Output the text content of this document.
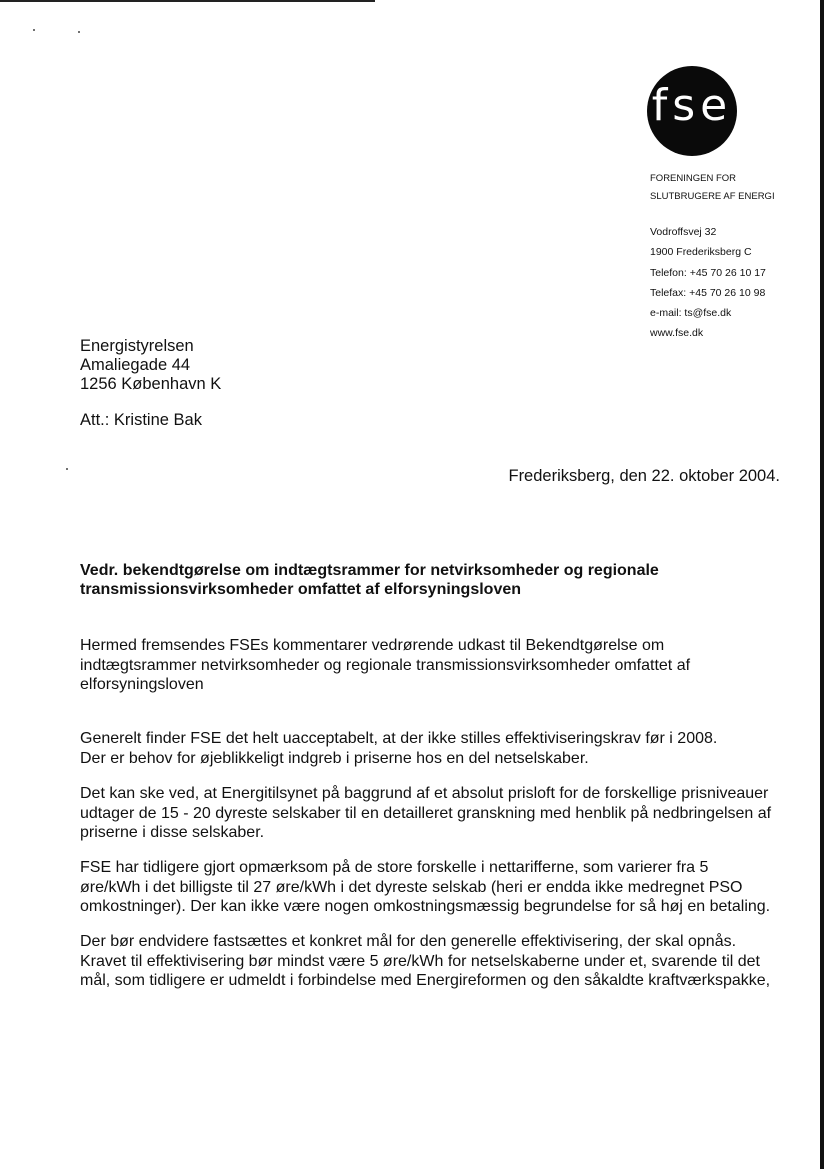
fse
FORENINGEN FOR
SLUTBRUGERE AF ENERGI
Vodroffsvej 32
1900 Frederiksberg C
Telefon: +45 70 26 10 17
Telefax: +45 70 26 10 98
e-mail: ts@fse.dk
www.fse.dk
Energistyrelsen
Amaliegade 44
1256 København K
Att.: Kristine Bak
Frederiksberg, den 22. oktober 2004.
Vedr. bekendtgørelse om indtægtsrammer for netvirksomheder og regionale
transmissionsvirksomheder omfattet af elforsyningsloven
Hermed fremsendes FSEs kommentarer vedrørende udkast til Bekendtgørelse om
indtægtsrammer netvirksomheder og regionale transmissionsvirksomheder omfattet af
elforsyningsloven
Generelt finder FSE det helt uacceptabelt, at der ikke stilles effektiviseringskrav før i 2008.
Der er behov for øjeblikkeligt indgreb i priserne hos en del netselskaber.
Det kan ske ved, at Energitilsynet på baggrund af et absolut prisloft for de forskellige prisniveauer
udtager de 15 - 20 dyreste selskaber til en detailleret granskning med henblik på nedbringelsen af
priserne i disse selskaber.
FSE har tidligere gjort opmærksom på de store forskelle i nettarifferne, som varierer fra 5
øre/kWh i det billigste til 27 øre/kWh i det dyreste selskab (heri er endda ikke medregnet PSO
omkostninger). Der kan ikke være nogen omkostningsmæssig begrundelse for så høj en betaling.
Der bør endvidere fastsættes et konkret mål for den generelle effektivisering, der skal opnås.
Kravet til effektivisering bør mindst være 5 øre/kWh for netselskaberne under et, svarende til det
mål, som tidligere er udmeldt i forbindelse med Energireformen og den såkaldte kraftværkspakke,
